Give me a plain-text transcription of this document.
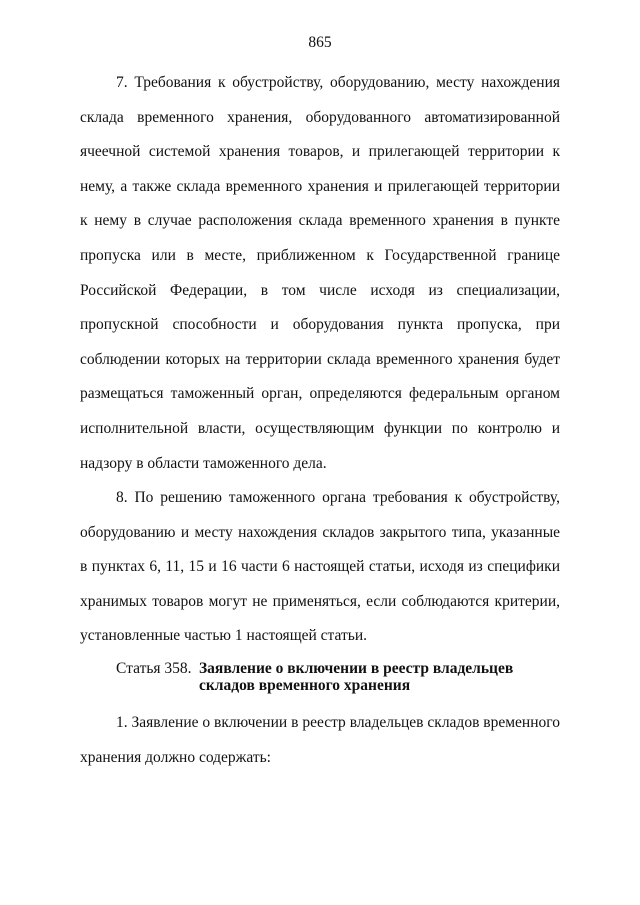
865

7. Требования к обустройству, оборудованию, месту нахождения склада временного хранения, оборудованного автоматизированной ячеечной системой хранения товаров, и прилегающей территории к нему, а также склада временного хранения и прилегающей территории к нему в случае расположения склада временного хранения в пункте пропуска или в месте, приближенном к Государственной границе Российской Федерации, в том числе исходя из специализации, пропускной способности и оборудования пункта пропуска, при соблюдении которых на территории склада временного хранения будет размещаться таможенный орган, определяются федеральным органом исполнительной власти, осуществляющим функции по контролю и надзору в области таможенного дела.

8. По решению таможенного органа требования к обустройству, оборудованию и месту нахождения складов закрытого типа, указанные в пунктах 6, 11, 15 и 16 части 6 настоящей статьи, исходя из специфики хранимых товаров могут не применяться, если соблюдаются критерии, установленные частью 1 настоящей статьи.

Статья 358. Заявление о включении в реестр владельцев складов временного хранения

1. Заявление о включении в реестр владельцев складов временного хранения должно содержать:
